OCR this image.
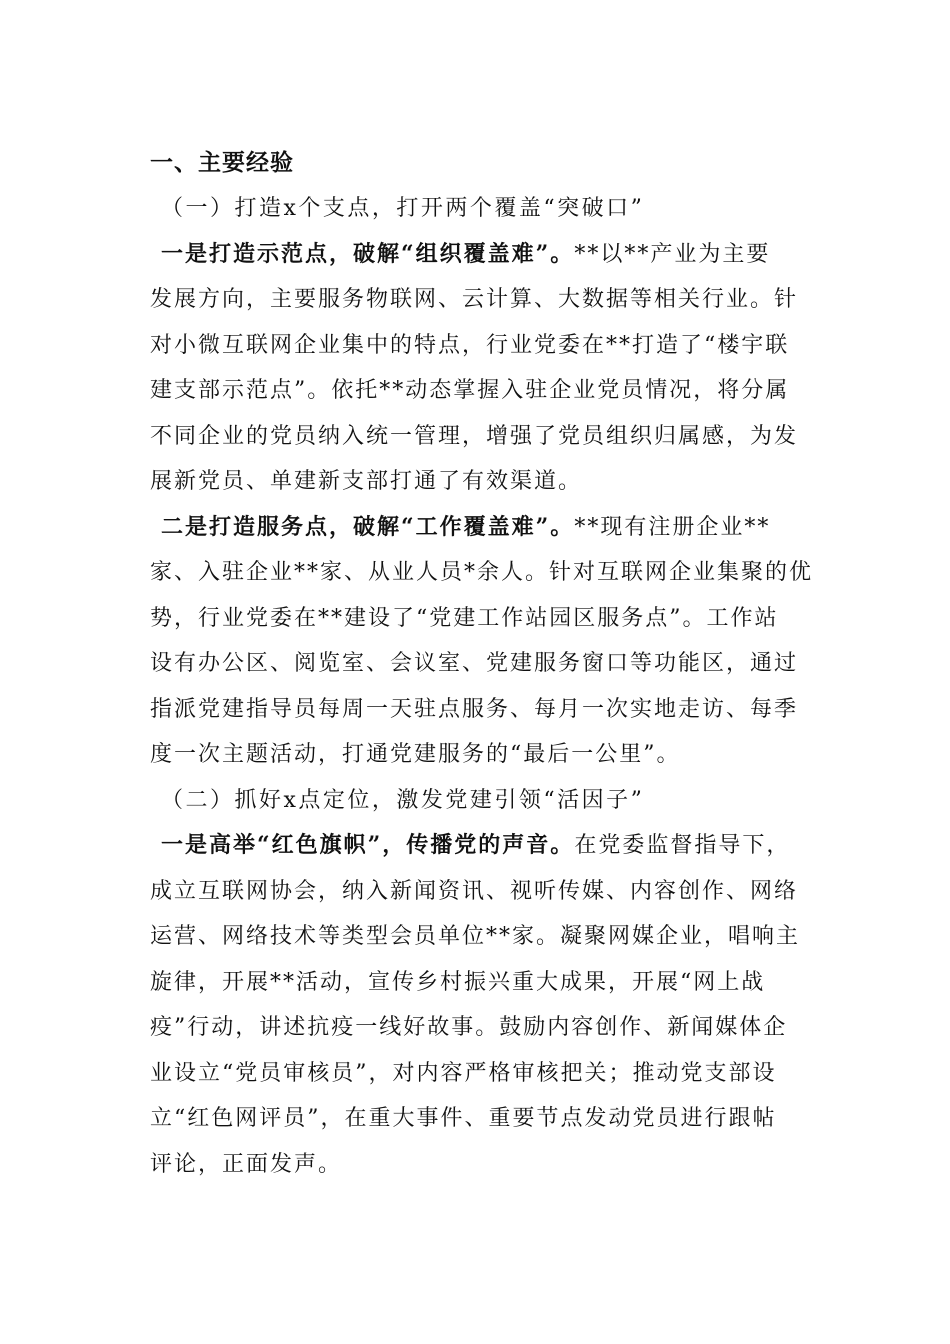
一、主要经验
（一）打造x个支点，打开两个覆盖“突破口”
一是打造示范点，破解“组织覆盖难”。**以**产业为主要
发展方向，主要服务物联网、云计算、大数据等相关行业。针
对小微互联网企业集中的特点，行业党委在**打造了“楼宇联
建支部示范点”。依托**动态掌握入驻企业党员情况，将分属
不同企业的党员纳入统一管理，增强了党员组织归属感，为发
展新党员、单建新支部打通了有效渠道。
二是打造服务点，破解“工作覆盖难”。**现有注册企业**
家、入驻企业**家、从业人员*余人。针对互联网企业集聚的优
势，行业党委在**建设了“党建工作站园区服务点”。工作站
设有办公区、阅览室、会议室、党建服务窗口等功能区，通过
指派党建指导员每周一天驻点服务、每月一次实地走访、每季
度一次主题活动，打通党建服务的“最后一公里”。
（二）抓好x点定位，激发党建引领“活因子”
一是高举“红色旗帜”，传播党的声音。在党委监督指导下，
成立互联网协会，纳入新闻资讯、视听传媒、内容创作、网络
运营、网络技术等类型会员单位**家。凝聚网媒企业，唱响主
旋律，开展**活动，宣传乡村振兴重大成果，开展“网上战
疫”行动，讲述抗疫一线好故事。鼓励内容创作、新闻媒体企
业设立“党员审核员”，对内容严格审核把关；推动党支部设
立“红色网评员”，在重大事件、重要节点发动党员进行跟帖
评论，正面发声。
